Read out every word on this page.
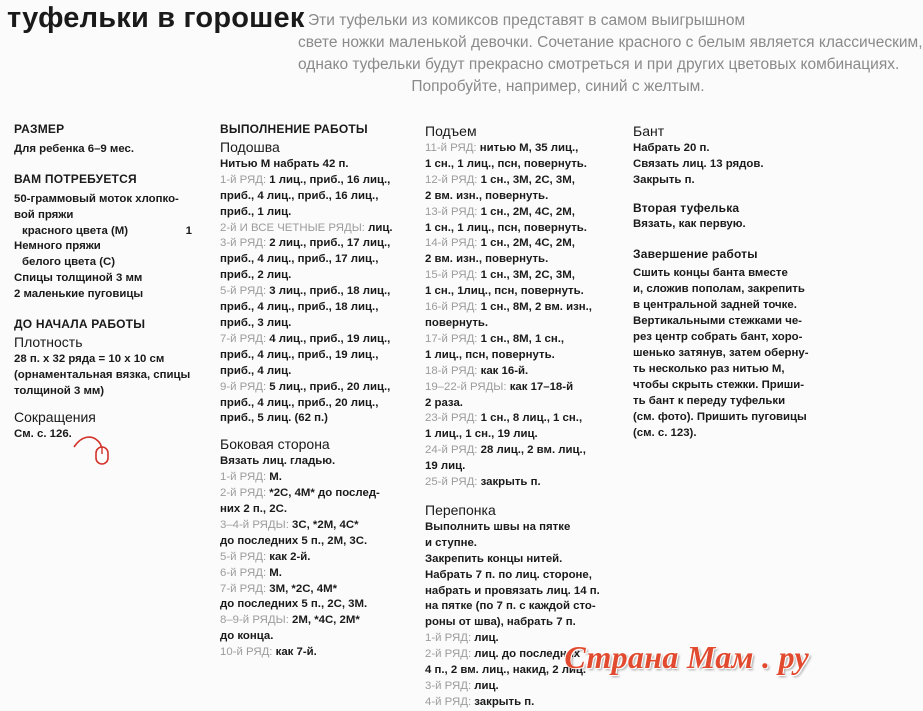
туфельки в горошек Эти туфельки из комиксов представят в самом выигрышном
свете ножки маленькой девочки. Сочетание красного с белым является классическим,
однако туфельки будут прекрасно смотреться и при других цветовых комбинациях.
Попробуйте, например, синий с желтым.
РАЗМЕР
Для ребенка 6–9 мес.
ВАМ ПОТРЕБУЕТСЯ
50-граммовый моток хлопко-
вой пряжи
красного цвета (М)	1
Немного пряжи
белого цвета (С)
Спицы толщиной 3 мм
2 маленькие пуговицы
ДО НАЧАЛА РАБОТЫ
Плотность
28 п. х 32 ряда = 10 х 10 см
(орнаментальная вязка, спицы
толщиной 3 мм)
Сокращения
См. с. 126.
ВЫПОЛНЕНИЕ РАБОТЫ
Подошва
Нитью М набрать 42 п.
1-й РЯД: 1 лиц., приб., 16 лиц.,
приб., 4 лиц., приб., 16 лиц.,
приб., 1 лиц.
2-й И ВСЕ ЧЕТНЫЕ РЯДЫ: лиц.
3-й РЯД: 2 лиц., приб., 17 лиц.,
приб., 4 лиц., приб., 17 лиц.,
приб., 2 лиц.
5-й РЯД: 3 лиц., приб., 18 лиц.,
приб., 4 лиц., приб., 18 лиц.,
приб., 3 лиц.
7-й РЯД: 4 лиц., приб., 19 лиц.,
приб., 4 лиц., приб., 19 лиц.,
приб., 4 лиц.
9-й РЯД: 5 лиц., приб., 20 лиц.,
приб., 4 лиц., приб., 20 лиц.,
приб., 5 лиц. (62 п.)
Боковая сторона
Вязать лиц. гладью.
1-й РЯД: М.
2-й РЯД: *2С, 4М* до послед-
них 2 п., 2С.
3–4-й РЯДЫ: 3С, *2М, 4С*
до последних 5 п., 2М, 3С.
5-й РЯД: как 2-й.
6-й РЯД: М.
7-й РЯД: 3М, *2С, 4М*
до последних 5 п., 2С, 3М.
8–9-й РЯДЫ: 2М, *4С, 2М*
до конца.
10-й РЯД: как 7-й.
Подъем
11-й РЯД: нитью М, 35 лиц.,
1 сн., 1 лиц., псн, повернуть.
12-й РЯД: 1 сн., 3М, 2С, 3М,
2 вм. изн., повернуть.
13-й РЯД: 1 сн., 2М, 4С, 2М,
1 сн., 1 лиц., псн, повернуть.
14-й РЯД: 1 сн., 2М, 4С, 2М,
2 вм. изн., повернуть.
15-й РЯД: 1 сн., 3М, 2С, 3М,
1 сн., 1лиц., псн, повернуть.
16-й РЯД: 1 сн., 8М, 2 вм. изн.,
повернуть.
17-й РЯД: 1 сн., 8М, 1 сн.,
1 лиц., псн, повернуть.
18-й РЯД: как 16-й.
19–22-й РЯДЫ: как 17–18-й
2 раза.
23-й РЯД: 1 сн., 8 лиц., 1 сн.,
1 лиц., 1 сн., 19 лиц.
24-й РЯД: 28 лиц., 2 вм. лиц.,
19 лиц.
25-й РЯД: закрыть п.
Перепонка
Выполнить швы на пятке
и ступне.
Закрепить концы нитей.
Набрать 7 п. по лиц. стороне,
набрать и провязать лиц. 14 п.
на пятке (по 7 п. с каждой сто-
роны от шва), набрать 7 п.
1-й РЯД: лиц.
2-й РЯД: лиц. до последних
4 п., 2 вм. лиц., накид, 2 лиц.
3-й РЯД: лиц.
4-й РЯД: закрыть п.
Бант
Набрать 20 п.
Связать лиц. 13 рядов.
Закрыть п.
Вторая туфелька
Вязать, как первую.
Завершение работы
Сшить концы банта вместе
и, сложив пополам, закрепить
в центральной задней точке.
Вертикальными стежками че-
рез центр собрать бант, хоро-
шенько затянув, затем оберну-
ть несколько раз нитью М,
чтобы скрыть стежки. Приши-
ть бант к переду туфельки
(см. фото). Пришить пуговицы
(см. с. 123).
Страна Мам . ру
